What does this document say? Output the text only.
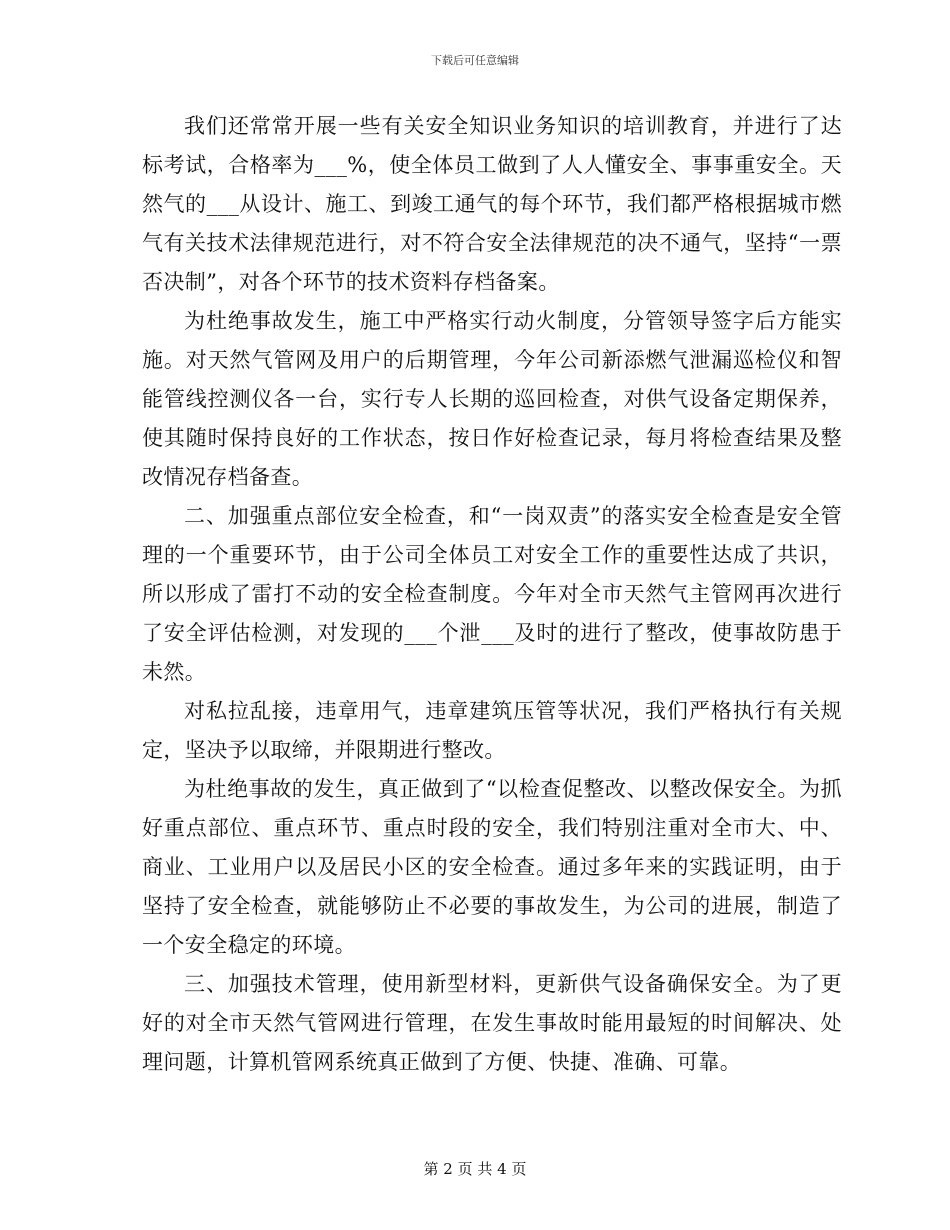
下载后可任意编辑

我们还常常开展一些有关安全知识业务知识的培训教育，并进行了达标考试，合格率为___%，使全体员工做到了人人懂安全、事事重安全。天然气的___从设计、施工、到竣工通气的每个环节，我们都严格根据城市燃气有关技术法律规范进行，对不符合安全法律规范的决不通气，坚持“一票否决制”，对各个环节的技术资料存档备案。

为杜绝事故发生，施工中严格实行动火制度，分管领导签字后方能实施。对天然气管网及用户的后期管理，今年公司新添燃气泄漏巡检仪和智能管线控测仪各一台，实行专人长期的巡回检查，对供气设备定期保养，使其随时保持良好的工作状态，按日作好检查记录，每月将检查结果及整改情况存档备查。

二、加强重点部位安全检查，和“一岗双责”的落实安全检查是安全管理的一个重要环节，由于公司全体员工对安全工作的重要性达成了共识，所以形成了雷打不动的安全检查制度。今年对全市天然气主管网再次进行了安全评估检测，对发现的___个泄___及时的进行了整改，使事故防患于未然。

对私拉乱接，违章用气，违章建筑压管等状况，我们严格执行有关规定，坚决予以取缔，并限期进行整改。

为杜绝事故的发生，真正做到了“以检查促整改、以整改保安全。为抓好重点部位、重点环节、重点时段的安全，我们特别注重对全市大、中、商业、工业用户以及居民小区的安全检查。通过多年来的实践证明，由于坚持了安全检查，就能够防止不必要的事故发生，为公司的进展，制造了一个安全稳定的环境。

三、加强技术管理，使用新型材料，更新供气设备确保安全。为了更好的对全市天然气管网进行管理，在发生事故时能用最短的时间解决、处理问题，计算机管网系统真正做到了方便、快捷、准确、可靠。

第 2 页 共 4 页
